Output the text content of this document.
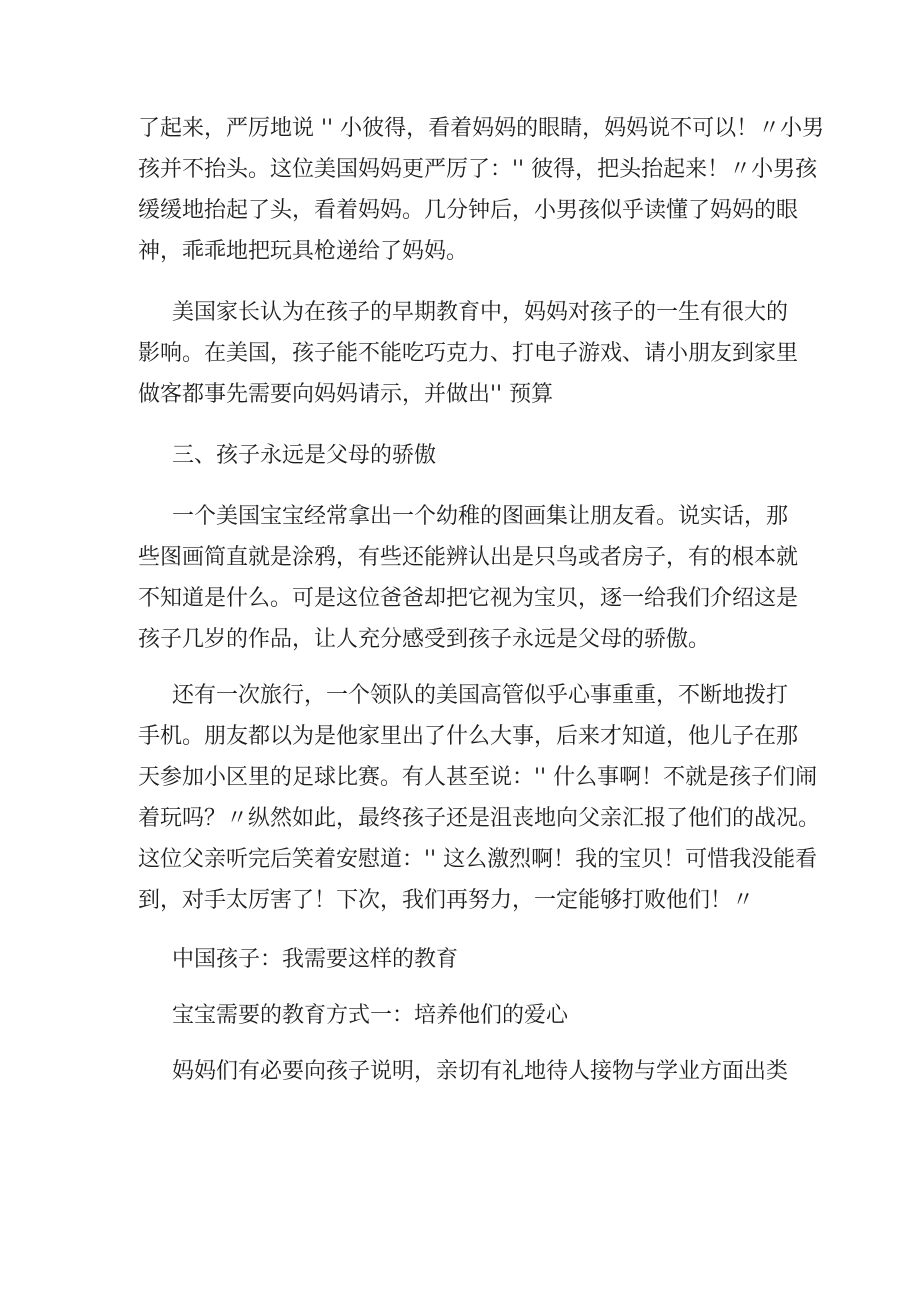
了起来，严厉地说 '' 小彼得，看着妈妈的眼睛，妈妈说不可以！〃小男
孩并不抬头。这位美国妈妈更严厉了：'' 彼得，把头抬起来！〃小男孩
缓缓地抬起了头，看着妈妈。几分钟后，小男孩似乎读懂了妈妈的眼
神，乖乖地把玩具枪递给了妈妈。
美国家长认为在孩子的早期教育中，妈妈对孩子的一生有很大的
影响。在美国，孩子能不能吃巧克力、打电子游戏、请小朋友到家里
做客都事先需要向妈妈请示，并做出'' 预算
三、孩子永远是父母的骄傲
一个美国宝宝经常拿出一个幼稚的图画集让朋友看。说实话，那
些图画简直就是涂鸦，有些还能辨认出是只鸟或者房子，有的根本就
不知道是什么。可是这位爸爸却把它视为宝贝，逐一给我们介绍这是
孩子几岁的作品，让人充分感受到孩子永远是父母的骄傲。
还有一次旅行，一个领队的美国高管似乎心事重重，不断地拨打
手机。朋友都以为是他家里出了什么大事，后来才知道，他儿子在那
天参加小区里的足球比赛。有人甚至说：'' 什么事啊！不就是孩子们闹
着玩吗？〃纵然如此，最终孩子还是沮丧地向父亲汇报了他们的战况。
这位父亲听完后笑着安慰道：'' 这么激烈啊！我的宝贝！可惜我没能看
到，对手太厉害了！下次，我们再努力，一定能够打败他们！〃
中国孩子：我需要这样的教育
宝宝需要的教育方式一：培养他们的爱心
妈妈们有必要向孩子说明，亲切有礼地待人接物与学业方面出类
